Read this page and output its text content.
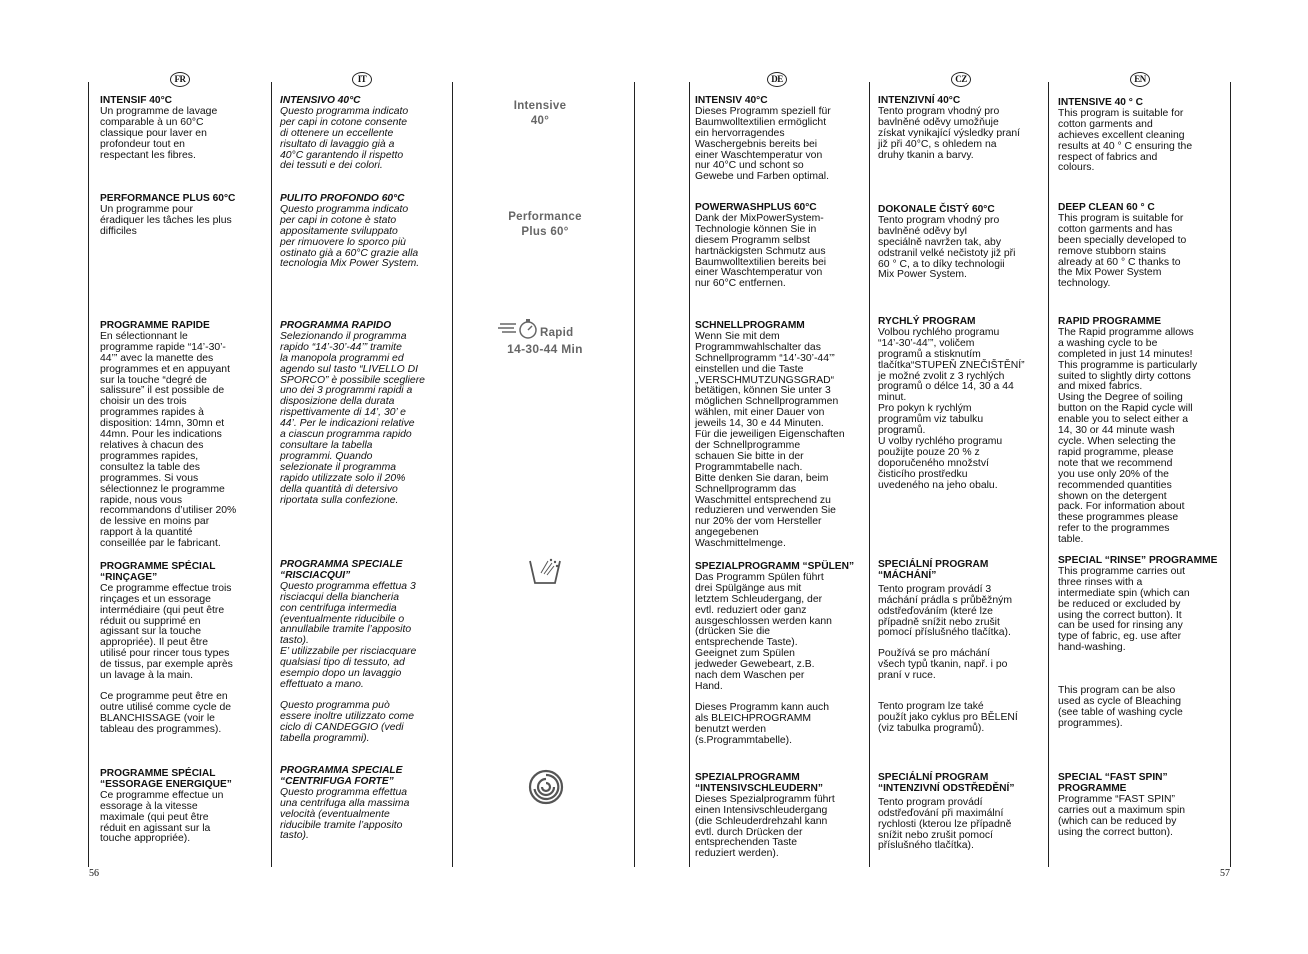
FR	IT	DE	CZ	EN
INTENSIF 40°C
Un programme de lavage
comparable à un 60°C
classique pour laver en
profondeur tout en
respectant les fibres.
PERFORMANCE PLUS 60°C
Un programme pour
éradiquer les tâches les plus
difficiles
PROGRAMME RAPIDE
En sélectionnant le
programme rapide “14’-30’-
44’” avec la manette des
programmes et en appuyant
sur la touche “degré de
salissure” il est possible de
choisir un des trois
programmes rapides à
disposition: 14mn, 30mn et
44mn. Pour les indications
relatives à chacun des
programmes rapides,
consultez la table des
programmes. Si vous
sélectionnez le programme
rapide, nous vous
recommandons d’utiliser 20%
de lessive en moins par
rapport à la quantité
conseillée par le fabricant.
PROGRAMME SPÉCIAL
“RINÇAGE”
Ce programme effectue trois
rinçages et un essorage
intermédiaire (qui peut être
réduit ou supprimé en
agissant sur la touche
appropriée). Il peut être
utilisé pour rincer tous types
de tissus, par exemple après
un lavage à la main.
Ce programme peut être en
outre utilisé comme cycle de
BLANCHISSAGE (voir le
tableau des programmes).
PROGRAMME SPÉCIAL
“ESSORAGE ENERGIQUE”
Ce programme effectue un
essorage à la vitesse
maximale (qui peut être
réduit en agissant sur la
touche appropriée).
INTENSIVO 40°C
Questo programma indicato
per capi in cotone consente
di ottenere un eccellente
risultato di lavaggio già a
40°C garantendo il rispetto
dei tessuti e dei colori.
PULITO PROFONDO 60°C
Questo programma indicato
per capi in cotone è stato
appositamente sviluppato
per rimuovere lo sporco più
ostinato già a 60°C grazie alla
tecnologia Mix Power System.
PROGRAMMA RAPIDO
Selezionando il programma
rapido “14’-30’-44’” tramite
la manopola programmi ed
agendo sul tasto “LIVELLO DI
SPORCO” è possibile scegliere
uno dei 3 programmi rapidi a
disposizione della durata
rispettivamente di 14’, 30’ e
44’. Per le indicazioni relative
a ciascun programma rapido
consultare la tabella
programmi. Quando
selezionate il programma
rapido utilizzate solo il 20%
della quantità di detersivo
riportata sulla confezione.
PROGRAMMA SPECIALE
“RISCIACQUI”
Questo programma effettua 3
risciacqui della biancheria
con centrifuga intermedia
(eventualmente riducibile o
annullabile tramite l’apposito
tasto).
E’ utilizzabile per risciacquare
qualsiasi tipo di tessuto, ad
esempio dopo un lavaggio
effettuato a mano.
Questo programma può
essere inoltre utilizzato come
ciclo di CANDEGGIO (vedi
tabella programmi).
PROGRAMMA SPECIALE
“CENTRIFUGA FORTE”
Questo programma effettua
una centrifuga alla massima
velocità (eventualmente
riducibile tramite l’apposito
tasto).
Intensive
40°
Performance
Plus 60°
Rapid
14-30-44 Min
INTENSIV 40°C
Dieses Programm speziell für
Baumwolltextilien ermöglicht
ein hervorragendes
Waschergebnis bereits bei
einer Waschtemperatur von
nur 40°C und schont so
Gewebe und Farben optimal.
POWERWASHPLUS 60°C
Dank der MixPowerSystem-
Technologie können Sie in
diesem Programm selbst
hartnäckigsten Schmutz aus
Baumwolltextilien bereits bei
einer Waschtemperatur von
nur 60°C entfernen.
SCHNELLPROGRAMM
Wenn Sie mit dem
Programmwahlschalter das
Schnellprogramm “14’-30’-44’”
einstellen und die Taste
„VERSCHMUTZUNGSGRAD“
betätigen, können Sie unter 3
möglichen Schnellprogrammen
wählen, mit einer Dauer von
jeweils 14, 30 e 44 Minuten.
Für die jeweiligen Eigenschaften
der Schnellprogramme
schauen Sie bitte in der
Programmtabelle nach.
Bitte denken Sie daran, beim
Schnellprogramm das
Waschmittel entsprechend zu
reduzieren und verwenden Sie
nur 20% der vom Hersteller
angegebenen
Waschmittelmenge.
SPEZIALPROGRAMM “SPÜLEN”
Das Programm Spülen führt
drei Spülgänge aus mit
letztem Schleudergang, der
evtl. reduziert oder ganz
ausgeschlossen werden kann
(drücken Sie die
entsprechende Taste).
Geeignet zum Spülen
jedweder Gewebeart, z.B.
nach dem Waschen per
Hand.
Dieses Programm kann auch
als BLEICHPROGRAMM
benutzt werden
(s.Programmtabelle).
SPEZIALPROGRAMM
“INTENSIVSCHLEUDERN”
Dieses Spezialprogramm führt
einen Intensivschleudergang
(die Schleuderdrehzahl kann
evtl. durch Drücken der
entsprechenden Taste
reduziert werden).
INTENZIVNÍ 40°C
Tento program vhodný pro
bavlněné oděvy umožňuje
získat vynikající výsledky praní
již při 40°C, s ohledem na
druhy tkanin a barvy.
DOKONALE ČISTÝ 60°C
Tento program vhodný pro
bavlněné oděvy byl
speciálně navržen tak, aby
odstranil velké nečistoty již při
60 ° C, a to díky technologii
Mix Power System.
RYCHLÝ PROGRAM
Volbou rychlého programu
“14’-30’-44’”, voličem
programů a stisknutím
tlačítka“STUPEŇ ZNEČIŠTĚNÍ”
je možné zvolit z 3 rychlých
programů o délce 14, 30 a 44
minut.
Pro pokyn k rychlým
programům viz tabulku
programů.
U volby rychlého programu
použijte pouze 20 % z
doporučeného množství
čisticího prostředku
uvedeného na jeho obalu.
SPECIÁLNÍ PROGRAM
“MÁCHÁNÍ”
Tento program provádí 3
máchání prádla s průběžným
odstřeďováním (které lze
případně snížit nebo zrušit
pomocí příslušného tlačítka).
Používá se pro máchání
všech typů tkanin, např. i po
praní v ruce.
Tento program lze také
použít jako cyklus pro BĚLENÍ
(viz tabulka programů).
SPECIÁLNÍ PROGRAM
“INTENZIVNÍ ODSTŘEDĚNÍ”
Tento program provádí
odstřeďování při maximální
rychlosti (kterou lze případně
snížit nebo zrušit pomocí
příslušného tlačítka).
INTENSIVE 40 ° C
This program is suitable for
cotton garments and
achieves excellent cleaning
results at 40 ° C ensuring the
respect of fabrics and
colours.
DEEP CLEAN 60 ° C
This program is suitable for
cotton garments and has
been specially developed to
remove stubborn stains
already at 60 ° C thanks to
the Mix Power System
technology.
RAPID PROGRAMME
The Rapid programme allows
a washing cycle to be
completed in just 14 minutes!
This programme is particularly
suited to slightly dirty cottons
and mixed fabrics.
Using the Degree of soiling
button on the Rapid cycle will
enable you to select either a
14, 30 or 44 minute wash
cycle. When selecting the
rapid programme, please
note that we recommend
you use only 20% of the
recommended quantities
shown on the detergent
pack. For information about
these programmes please
refer to the programmes
table.
SPECIAL “RINSE” PROGRAMME
This programme carries out
three rinses with a
intermediate spin (which can
be reduced or excluded by
using the correct button). It
can be used for rinsing any
type of fabric, eg. use after
hand-washing.
This program can be also
used as cycle of Bleaching
(see table of washing cycle
programmes).
SPECIAL “FAST SPIN”
PROGRAMME
Programme “FAST SPIN”
carries out a maximum spin
(which can be reduced by
using the correct button).
56	57
